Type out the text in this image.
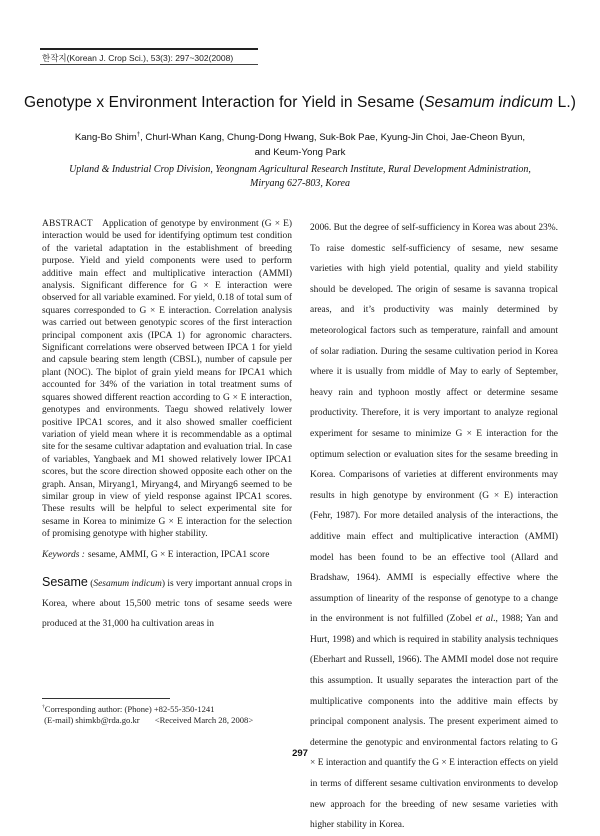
한작지(Korean J. Crop Sci.), 53(3): 297~302(2008)
Genotype x Environment Interaction for Yield in Sesame (Sesamum indicum L.)
Kang-Bo Shim†, Churl-Whan Kang, Chung-Dong Hwang, Suk-Bok Pae, Kyung-Jin Choi, Jae-Cheon Byun,
and Keum-Yong Park
Upland & Industrial Crop Division, Yeongnam Agricultural Research Institute, Rural Development Administration,
Miryang 627-803, Korea

ABSTRACT Application of genotype by environment (G × E) interaction would be used for identifying optimum test condition of the varietal adaptation in the establishment of breeding purpose. Yield and yield components were used to perform additive main effect and multiplicative interaction (AMMI) analysis. Significant difference for G × E interaction were observed for all variable examined. For yield, 0.18 of total sum of squares corresponded to G × E interaction. Correlation analysis was carried out between genotypic scores of the first interaction principal component axis (IPCA 1) for agronomic characters. Significant correlations were observed between IPCA 1 for yield and capsule bearing stem length (CBSL), number of capsule per plant (NOC). The biplot of grain yield means for IPCA1 which accounted for 34% of the variation in total treatment sums of squares showed different reaction according to G × E interaction, genotypes and environments. Taegu showed relatively lower positive IPCA1 scores, and it also showed smaller coefficient variation of yield mean where it is recommendable as a optimal site for the sesame cultivar adaptation and evaluation trial. In case of variables, Yangbaek and M1 showed relatively lower IPCA1 scores, but the score direction showed opposite each other on the graph. Ansan, Miryang1, Miryang4, and Miryang6 seemed to be similar group in view of yield response against IPCA1 scores. These results will be helpful to select experimental site for sesame in Korea to minimize G × E interaction for the selection of promising genotype with higher stability.

Keywords : sesame, AMMI, G × E interaction, IPCA1 score

Sesame (Sesamum indicum) is very important annual crops in Korea, where about 15,500 metric tons of sesame seeds were produced at the 31,000 ha cultivation areas in

†Corresponding author: (Phone) +82-55-350-1241
(E-mail) shimkb@rda.go.kr <Received March 28, 2008>

2006. But the degree of self-sufficiency in Korea was about 23%. To raise domestic self-sufficiency of sesame, new sesame varieties with high yield potential, quality and yield stability should be developed. The origin of sesame is savanna tropical areas, and it’s productivity was mainly determined by meteorological factors such as temperature, rainfall and amount of solar radiation. During the sesame cultivation period in Korea where it is usually from middle of May to early of September, heavy rain and typhoon mostly affect or determine sesame productivity. Therefore, it is very important to analyze regional experiment for sesame to minimize G × E interaction for the optimum selection or evaluation sites for the sesame breeding in Korea. Comparisons of varieties at different environments may results in high genotype by environment (G × E) interaction (Fehr, 1987). For more detailed analysis of the interactions, the additive main effect and multiplicative interaction (AMMI) model has been found to be an effective tool (Allard and Bradshaw, 1964). AMMI is especially effective where the assumption of linearity of the response of genotype to a change in the environment is not fulfilled (Zobel et al., 1988; Yan and Hurt, 1998) and which is required in stability analysis techniques (Eberhart and Russell, 1966). The AMMI model dose not require this assumption. It usually separates the interaction part of the multiplicative components into the additive main effects by principal component analysis. The present experiment aimed to determine the genotypic and environmental factors relating to G × E interaction and quantify the G × E interaction effects on yield in terms of different sesame cultivation environments to develop new approach for the breeding of new sesame varieties with higher stability in Korea.

297
